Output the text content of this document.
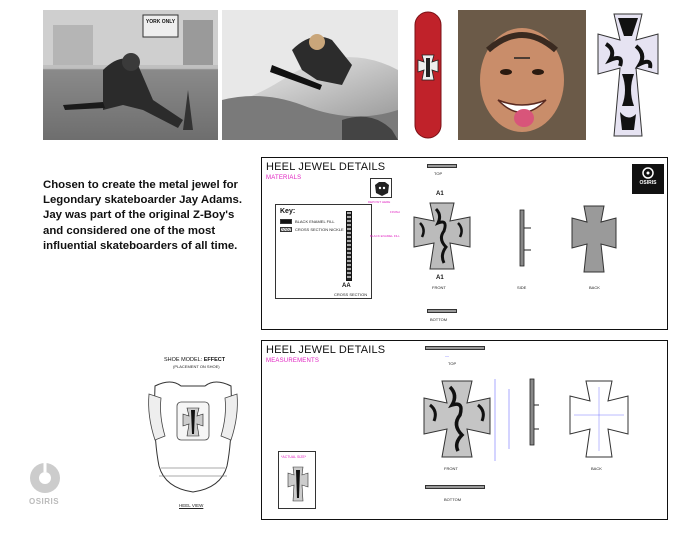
YORK ONLY
Chosen to create the metal jewel for Legondary skateboarder Jay Adams. Jay was part of the original Z-Boy's and considered one of the most influential skateboarders of all time.
HEEL JEWEL DETAILS
MATERIALS
Key:
BLACK ENAMEL FILL
CROSS SECTION NICKLE
AA
CROSS SECTION
DEPOSIT HERE
TOP
A1
BLACK ENAMEL FILL
FINISH
A1
FRONT
BOTTOM
SIDE	BACK
OSIRIS
HEEL JEWEL DETAILS
MEASUREMENTS
*ACTUAL SIZE*
—
TOP
FRONT	BACK
BOTTOM
SHOE MODEL: EFFECT
(PLACEMENT ON SHOE)
HEEL VIEW
OSIRIS
